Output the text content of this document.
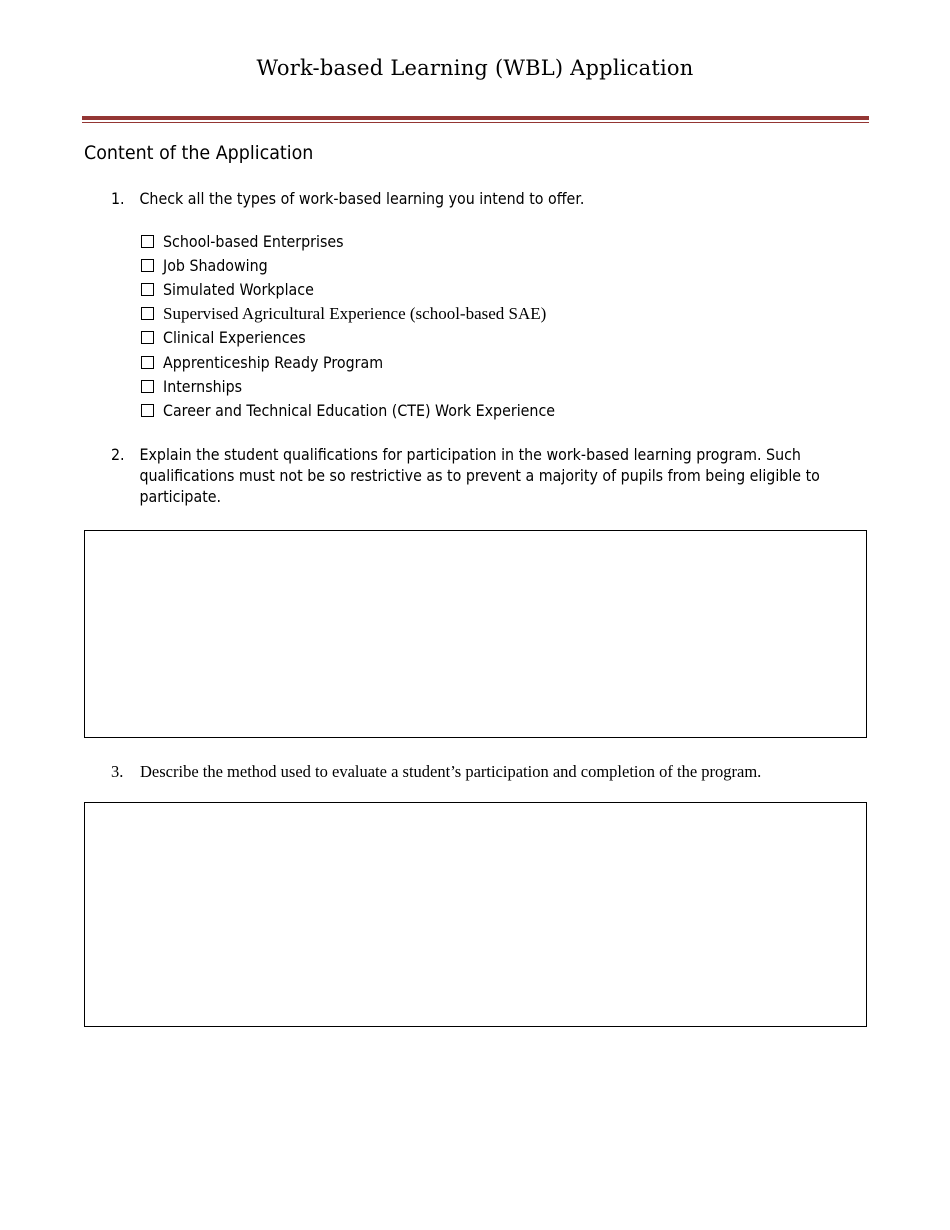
Work-based Learning (WBL) Application
Content of the Application
1. Check all the types of work-based learning you intend to offer.
School-based Enterprises
Job Shadowing
Simulated Workplace
Supervised Agricultural Experience (school-based SAE)
Clinical Experiences
Apprenticeship Ready Program
Internships
Career and Technical Education (CTE) Work Experience
2. Explain the student qualifications for participation in the work-based learning program. Such qualifications must not be so restrictive as to prevent a majority of pupils from being eligible to participate.
3. Describe the method used to evaluate a student’s participation and completion of the program.
